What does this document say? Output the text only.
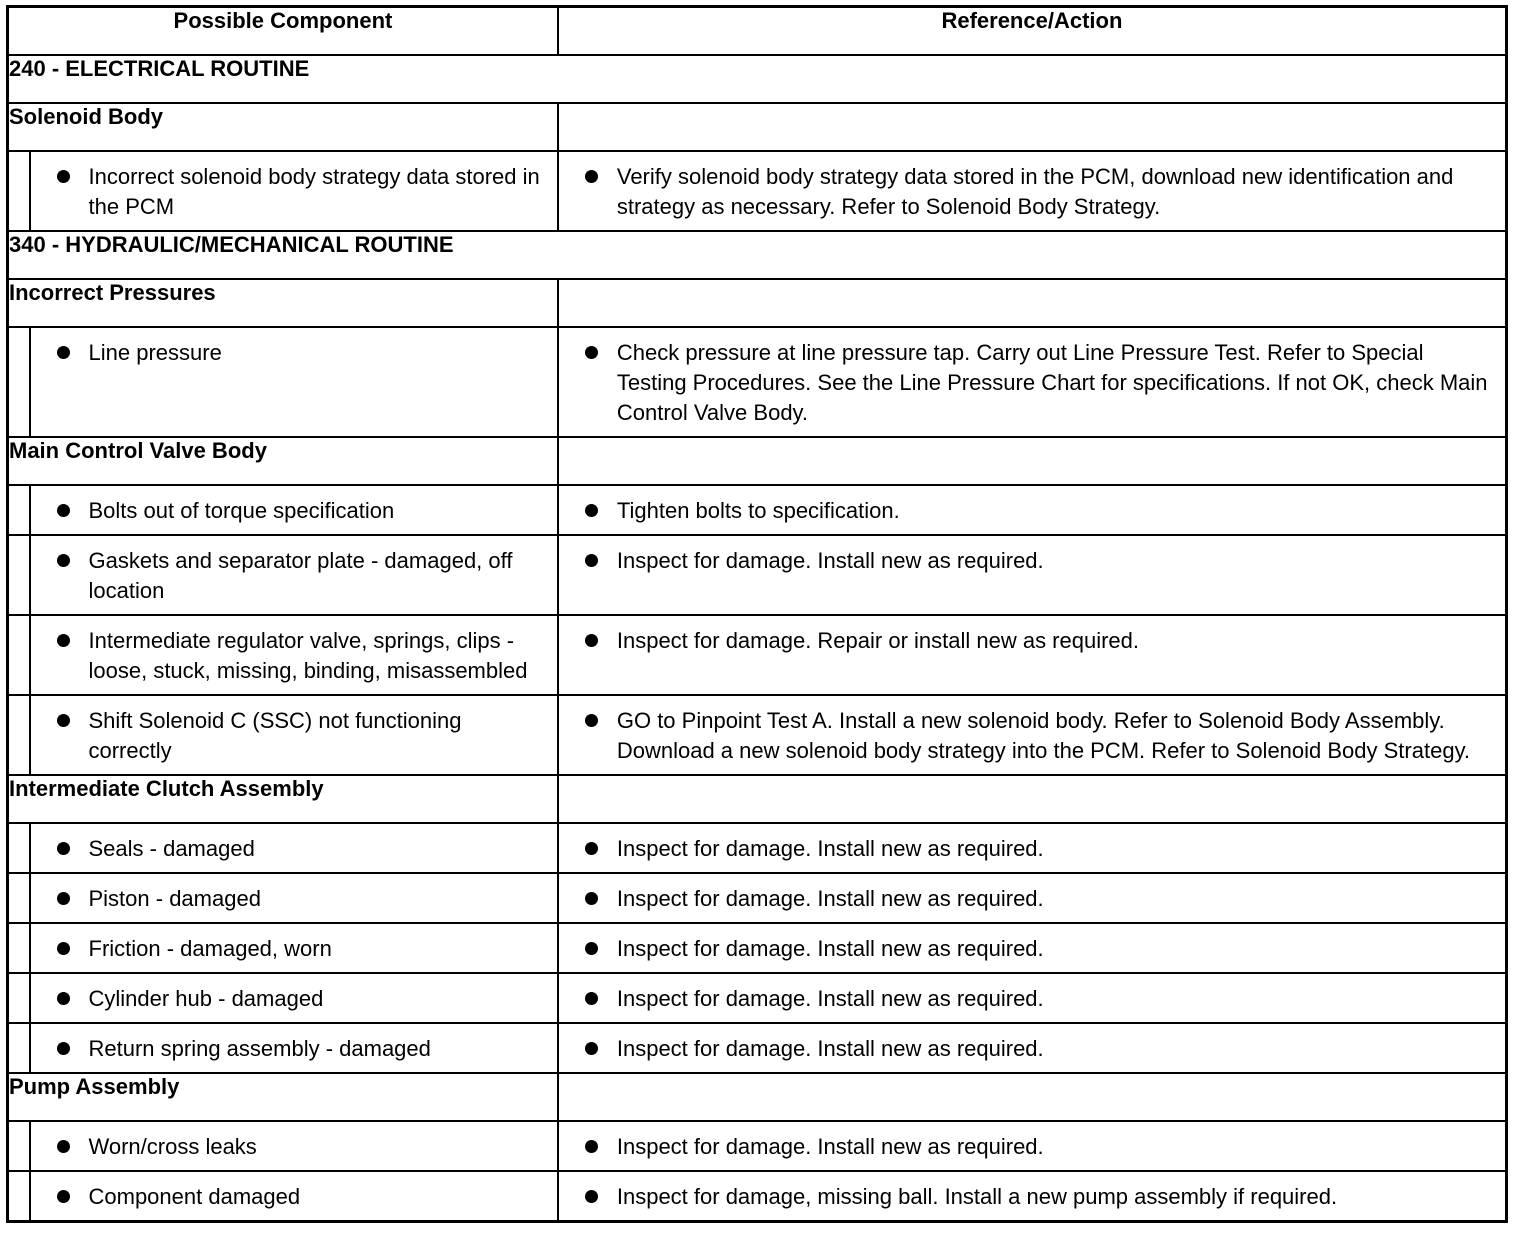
Possible Component		Reference/Action
240 - ELECTRICAL ROUTINE		
Solenoid Body		

Incorrect solenoid body strategy data stored in the PCM	Verify solenoid body strategy data stored in the PCM, download new identification and strategy as necessary. Refer to Solenoid Body Strategy.

340 - HYDRAULIC/MECHANICAL ROUTINE		
Incorrect Pressures		

Line pressure	Check pressure at line pressure tap. Carry out Line Pressure Test. Refer to Special Testing Procedures. See the Line Pressure Chart for specifications. If not OK, check Main Control Valve Body.

Main Control Valve Body		

Bolts out of torque specification	Tighten bolts to specification.

Gaskets and separator plate - damaged, off location	Inspect for damage. Install new as required.

Intermediate regulator valve, springs, clips - loose, stuck, missing, binding, misassembled	Inspect for damage. Repair or install new as required.

Shift Solenoid C (SSC) not functioning correctly	GO to Pinpoint Test A. Install a new solenoid body. Refer to Solenoid Body Assembly. Download a new solenoid body strategy into the PCM. Refer to Solenoid Body Strategy.

Intermediate Clutch Assembly		

Seals - damaged	Inspect for damage. Install new as required.

Piston - damaged	Inspect for damage. Install new as required.

Friction - damaged, worn	Inspect for damage. Install new as required.

Cylinder hub - damaged	Inspect for damage. Install new as required.

Return spring assembly - damaged	Inspect for damage. Install new as required.

Pump Assembly		

Worn/cross leaks	Inspect for damage. Install new as required.

Component damaged	Inspect for damage, missing ball. Install a new pump assembly if required.
